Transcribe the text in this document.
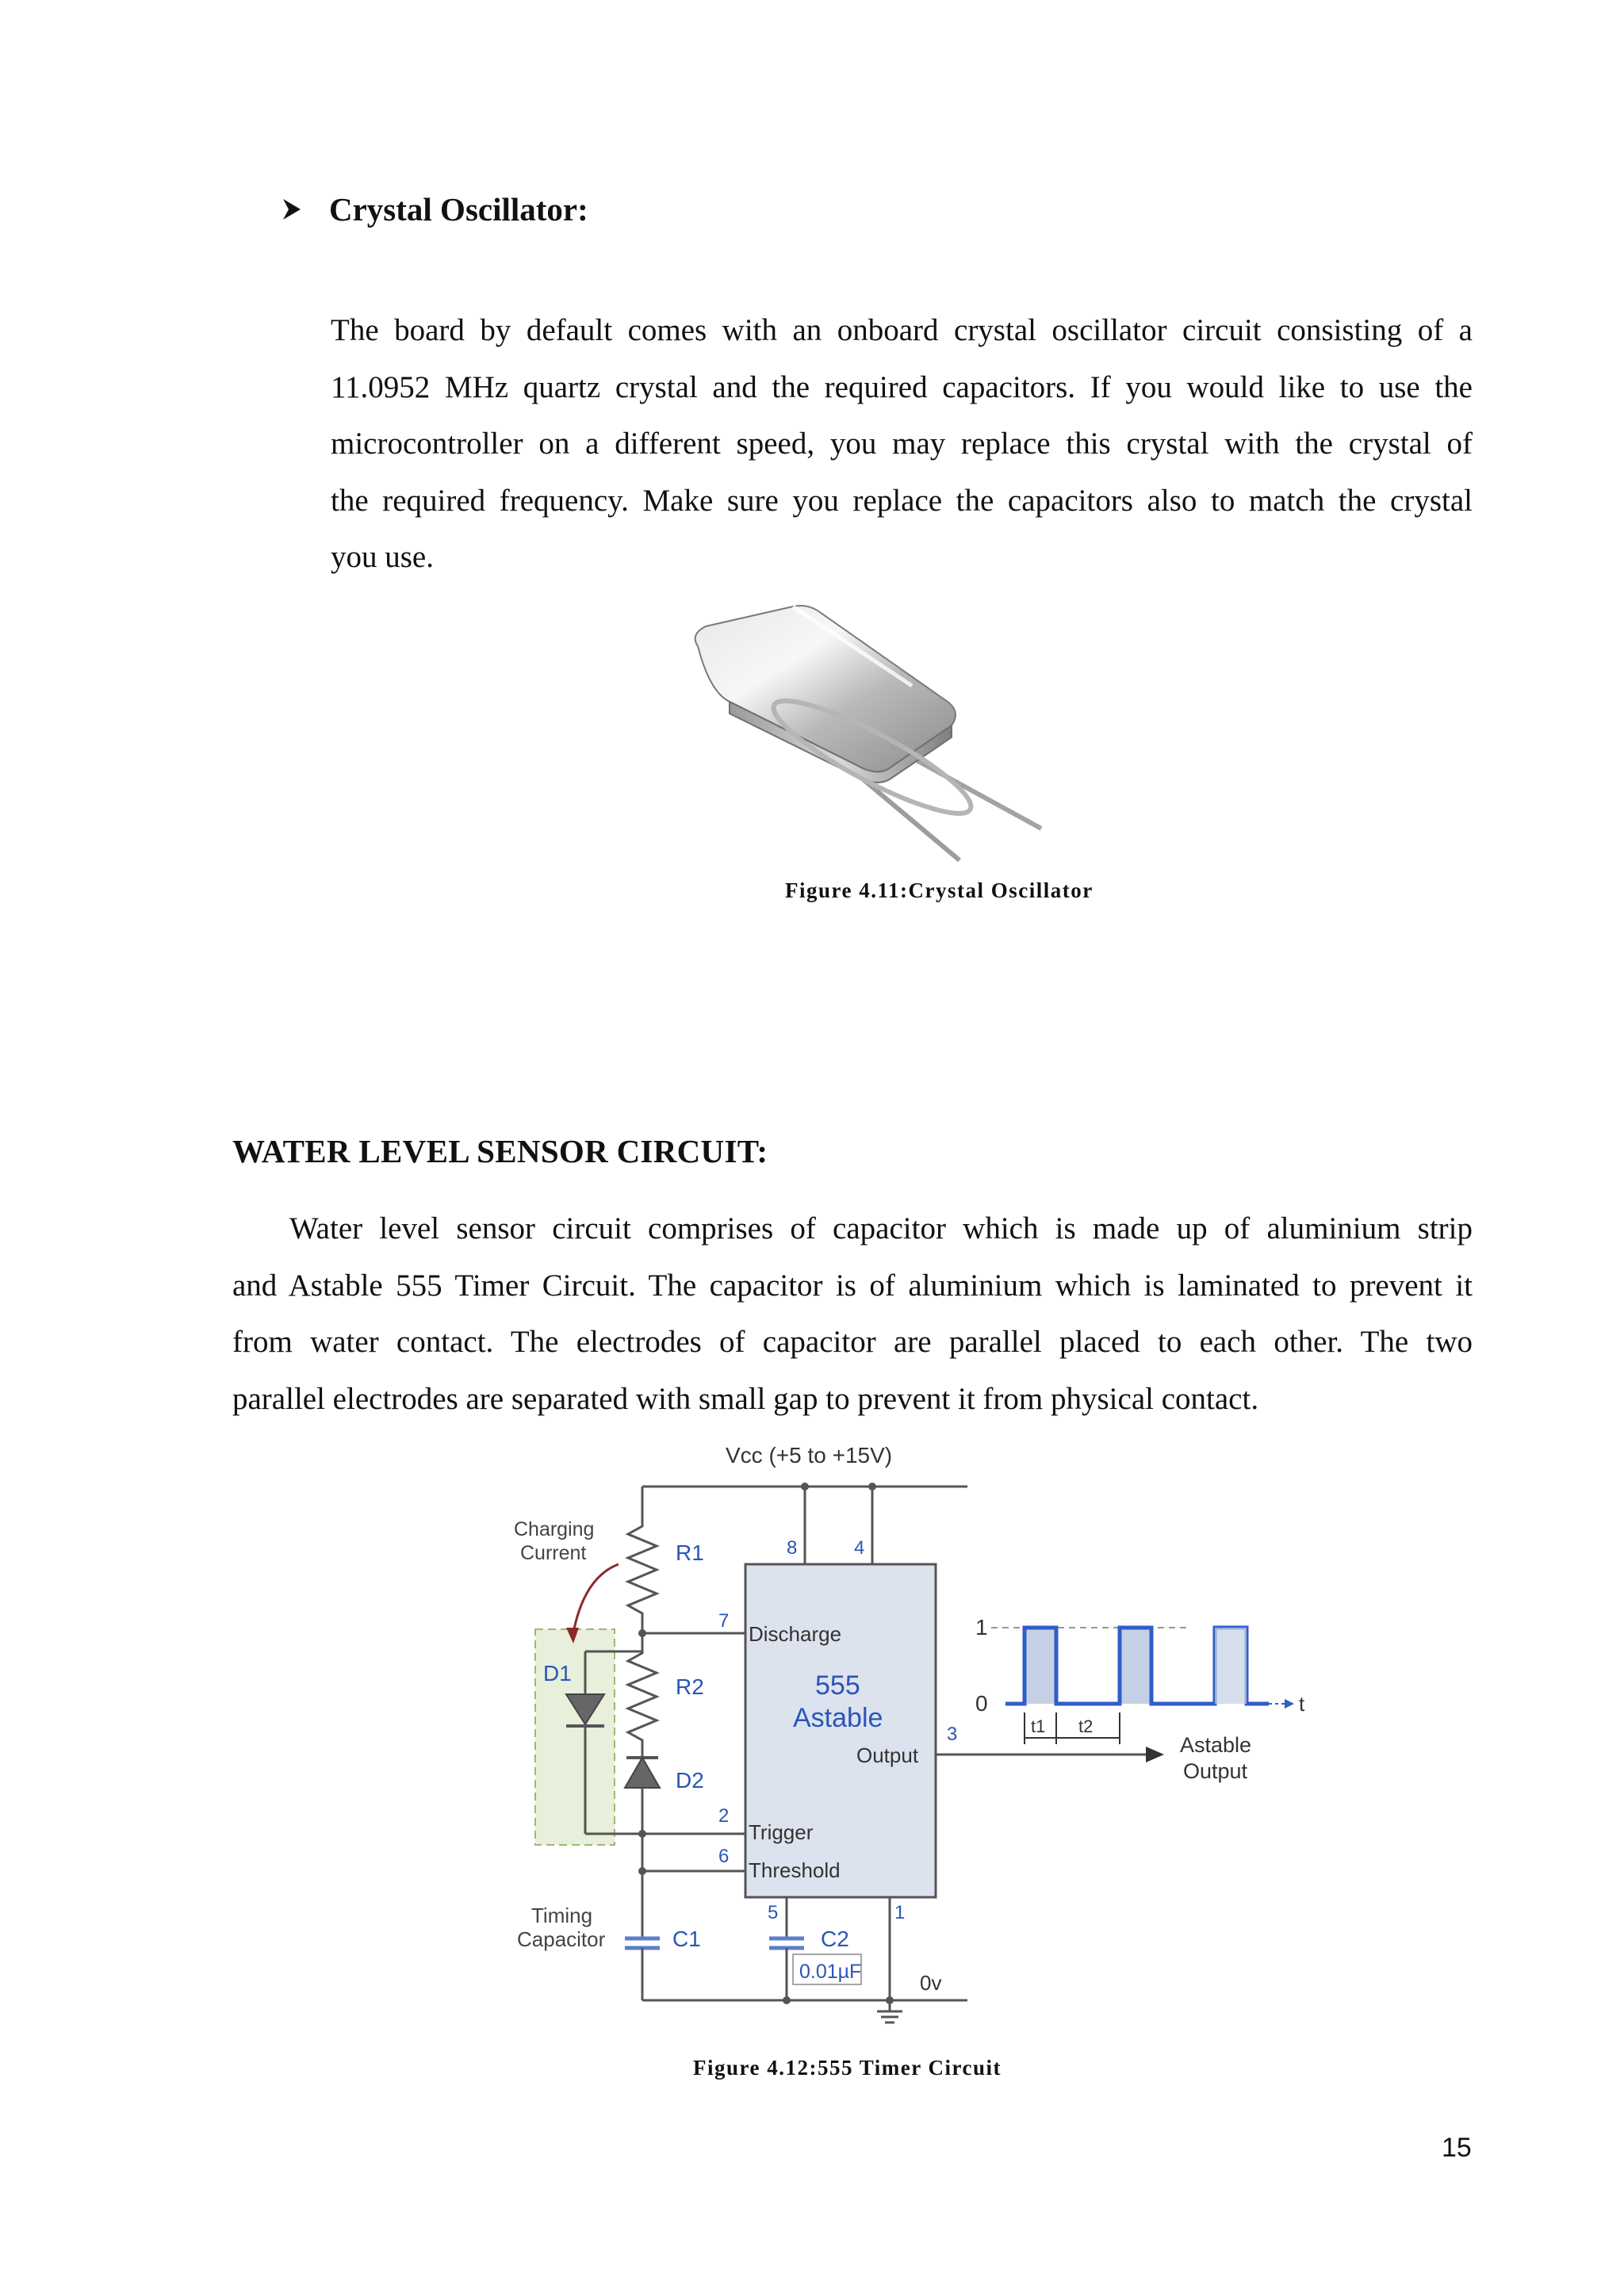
Crystal Oscillator:
The board by default comes with an onboard crystal oscillator circuit consisting of a
11.0952 MHz quartz crystal and the required capacitors. If you would like to use the
microcontroller on a different speed, you may replace this crystal with the crystal of
the required frequency. Make sure you replace the capacitors also to match the crystal
you use.
Figure 4.11:Crystal Oscillator
WATER LEVEL SENSOR CIRCUIT:
Water level sensor circuit comprises of capacitor which is made up of aluminium strip
and Astable 555 Timer Circuit. The capacitor is of aluminium which is laminated to prevent it
from water contact. The electrodes of capacitor are parallel placed to each other. The two
parallel electrodes are separated with small gap to prevent it from physical contact.
Vcc (+5 to +15V)
R1
7
R2
D2
2
6
D1
Charging
Current
C1
Timing
Capacitor
8	4
Discharge
555
Astable
Output
Trigger
Threshold
3
5
C2
0.01µF
1
0v
1
0	t
t1 t2
Astable
Output
Figure 4.12:555 Timer Circuit
15
